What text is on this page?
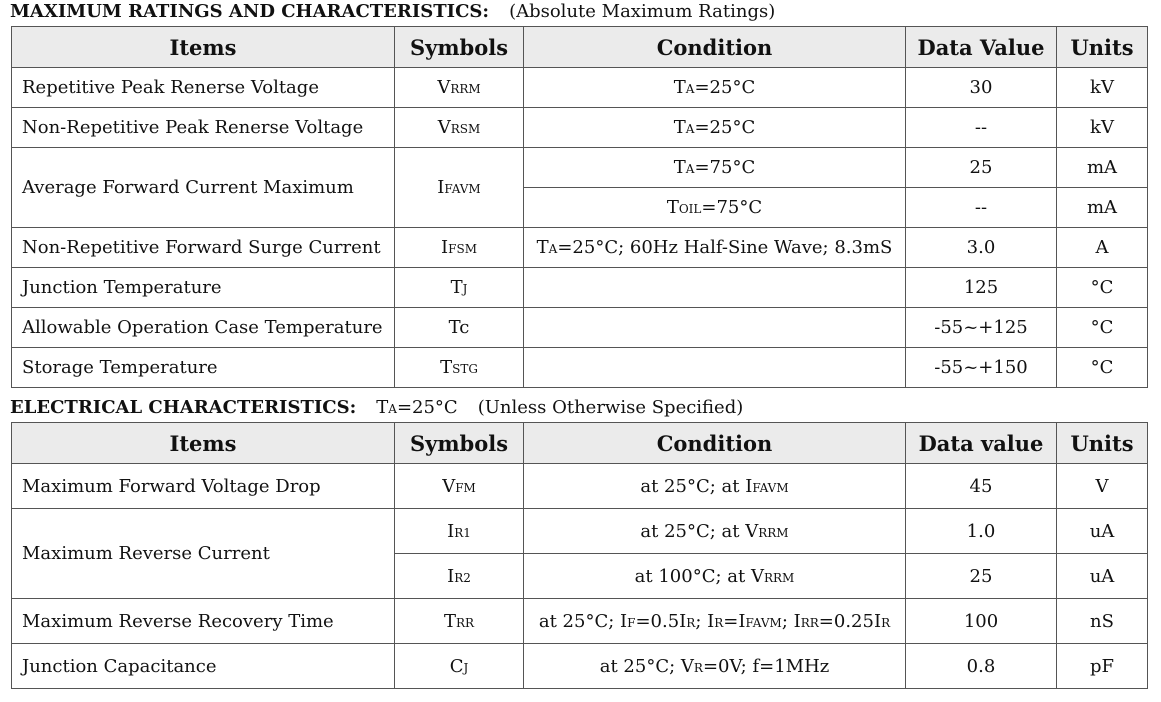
MAXIMUM RATINGS AND CHARACTERISTICS: (Absolute Maximum Ratings)
Items	Symbols	Condition	Data Value	Units
Repetitive Peak Renerse Voltage	VRRM	TA=25°C	30	kV
Non-Repetitive Peak Renerse Voltage	VRSM	TA=25°C	--	kV
Average Forward Current Maximum	IFAVM	TA=75°C	25	mA
		TOIL=75°C	--	mA
Non-Repetitive Forward Surge Current	IFSM	TA=25°C; 60Hz Half-Sine Wave; 8.3mS	3.0	A
Junction Temperature	TJ		125	°C
Allowable Operation Case Temperature	Tc		-55~+125	°C
Storage Temperature	TSTG		-55~+150	°C
ELECTRICAL CHARACTERISTICS: TA=25°C (Unless Otherwise Specified)
Items	Symbols	Condition	Data value	Units
Maximum Forward Voltage Drop	VFM	at 25°C; at IFAVM	45	V
Maximum Reverse Current	IR1	at 25°C; at VRRM	1.0	uA
	IR2	at 100°C; at VRRM	25	uA
Maximum Reverse Recovery Time	TRR	at 25°C; IF=0.5IR; IR=IFAVM; IRR=0.25IR	100	nS
Junction Capacitance	CJ	at 25°C; VR=0V; f=1MHz	0.8	pF
